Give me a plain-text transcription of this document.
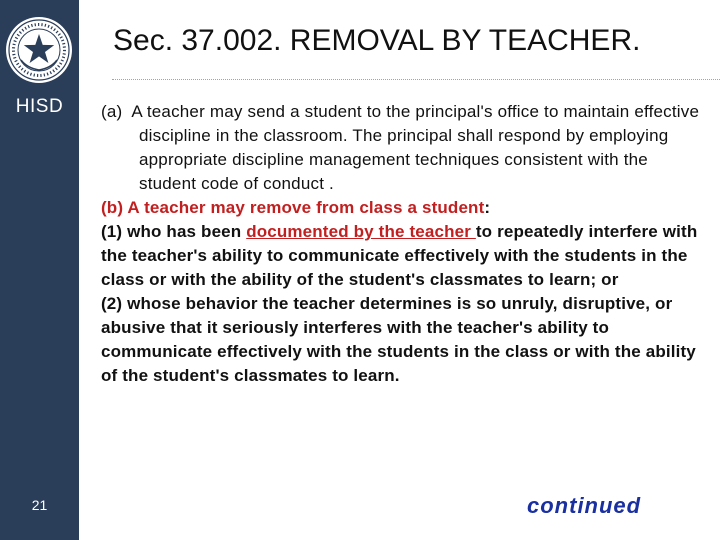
HISD
21
Sec. 37.002. REMOVAL BY TEACHER.

(a) A teacher may send a student to the principal's office to maintain effective discipline in the classroom. The principal shall respond by employing appropriate discipline management techniques consistent with the student code of conduct .

(b) A teacher may remove from class a student:
(1) who has been documented by the teacher to repeatedly interfere with the teacher's ability to communicate effectively with the students in the class or with the ability of the student's classmates to learn; or
(2) whose behavior the teacher determines is so unruly, disruptive, or abusive that it seriously interferes with the teacher's ability to communicate effectively with the students in the class or with the ability of the student's classmates to learn.

continued
